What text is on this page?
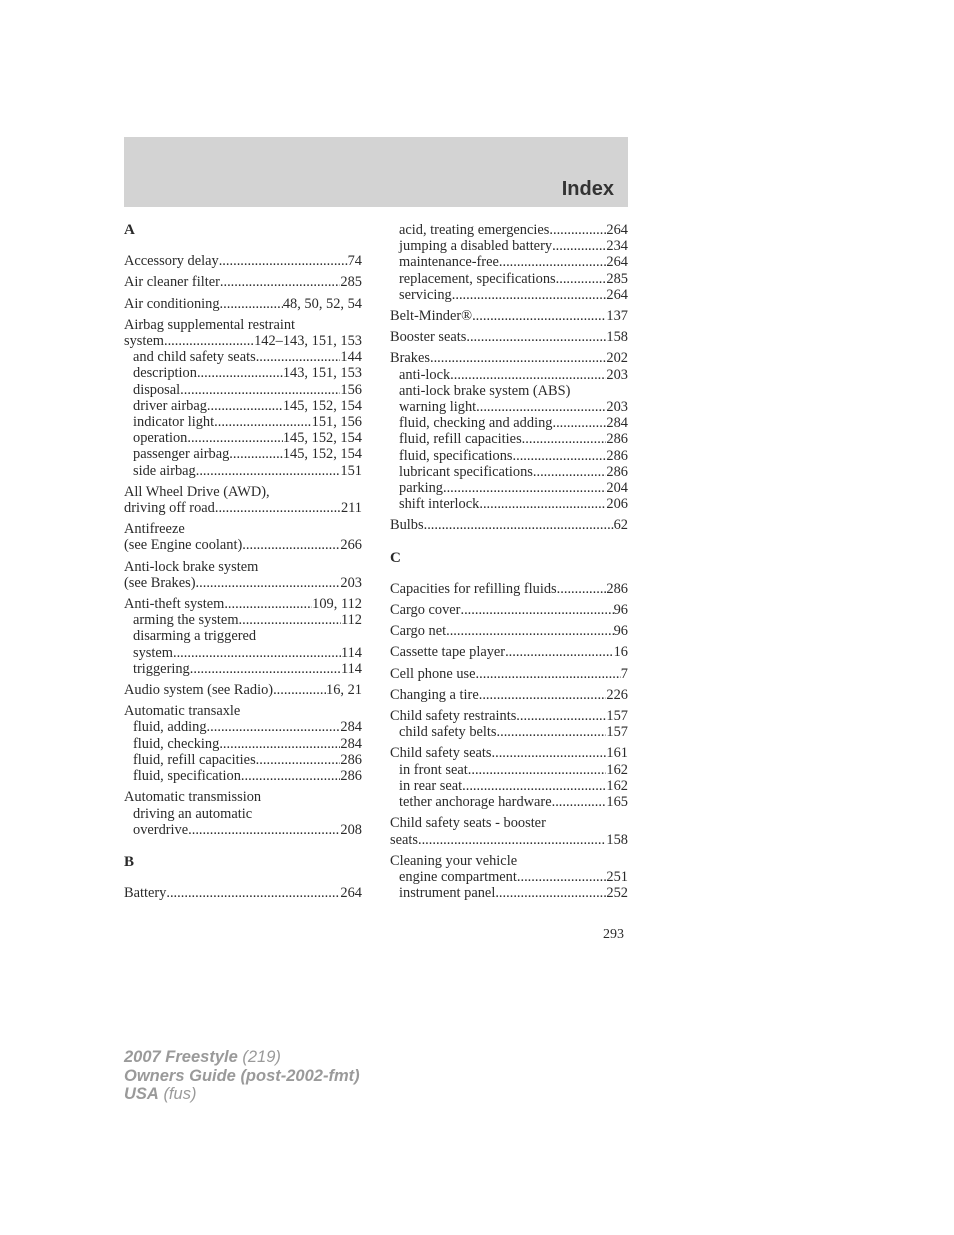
Index
A
Accessory delay .....	74
Air cleaner filter .....	285
Air conditioning .....	48, 50, 52, 54
Airbag supplemental restraint
system .....	142–143, 151, 153
and child safety seats .....	144
description .....	143, 151, 153
disposal .....	156
driver airbag .....	145, 152, 154
indicator light .....	151, 156
operation .....	145, 152, 154
passenger airbag .....	145, 152, 154
side airbag .....	151
All Wheel Drive (AWD),
driving off road .....	211
Antifreeze
(see Engine coolant) .....	266
Anti-lock brake system
(see Brakes) .....	203
Anti-theft system .....	109, 112
arming the system .....	112
disarming a triggered
system .....	114
triggering .....	114
Audio system (see Radio) .....	16, 21
Automatic transaxle
fluid, adding .....	284
fluid, checking .....	284
fluid, refill capacities .....	286
fluid, specification .....	286
Automatic transmission
driving an automatic
overdrive .....	208
B
Battery .....	264
acid, treating emergencies .....	264
jumping a disabled battery .....	234
maintenance-free .....	264
replacement, specifications .....	285
servicing .....	264
Belt-Minder® .....	137
Booster seats .....	158
Brakes .....	202
anti-lock .....	203
anti-lock brake system (ABS)
warning light .....	203
fluid, checking and adding .....	284
fluid, refill capacities .....	286
fluid, specifications .....	286
lubricant specifications .....	286
parking .....	204
shift interlock .....	206
Bulbs .....	62
C
Capacities for refilling fluids .....	286
Cargo cover .....	96
Cargo net .....	96
Cassette tape player .....	16
Cell phone use .....	7
Changing a tire .....	226
Child safety restraints .....	157
child safety belts .....	157
Child safety seats .....	161
in front seat .....	162
in rear seat .....	162
tether anchorage hardware .....	165
Child safety seats - booster
seats .....	158
Cleaning your vehicle
engine compartment .....	251
instrument panel .....	252
293
2007 Freestyle (219)
Owners Guide (post-2002-fmt)
USA (fus)
